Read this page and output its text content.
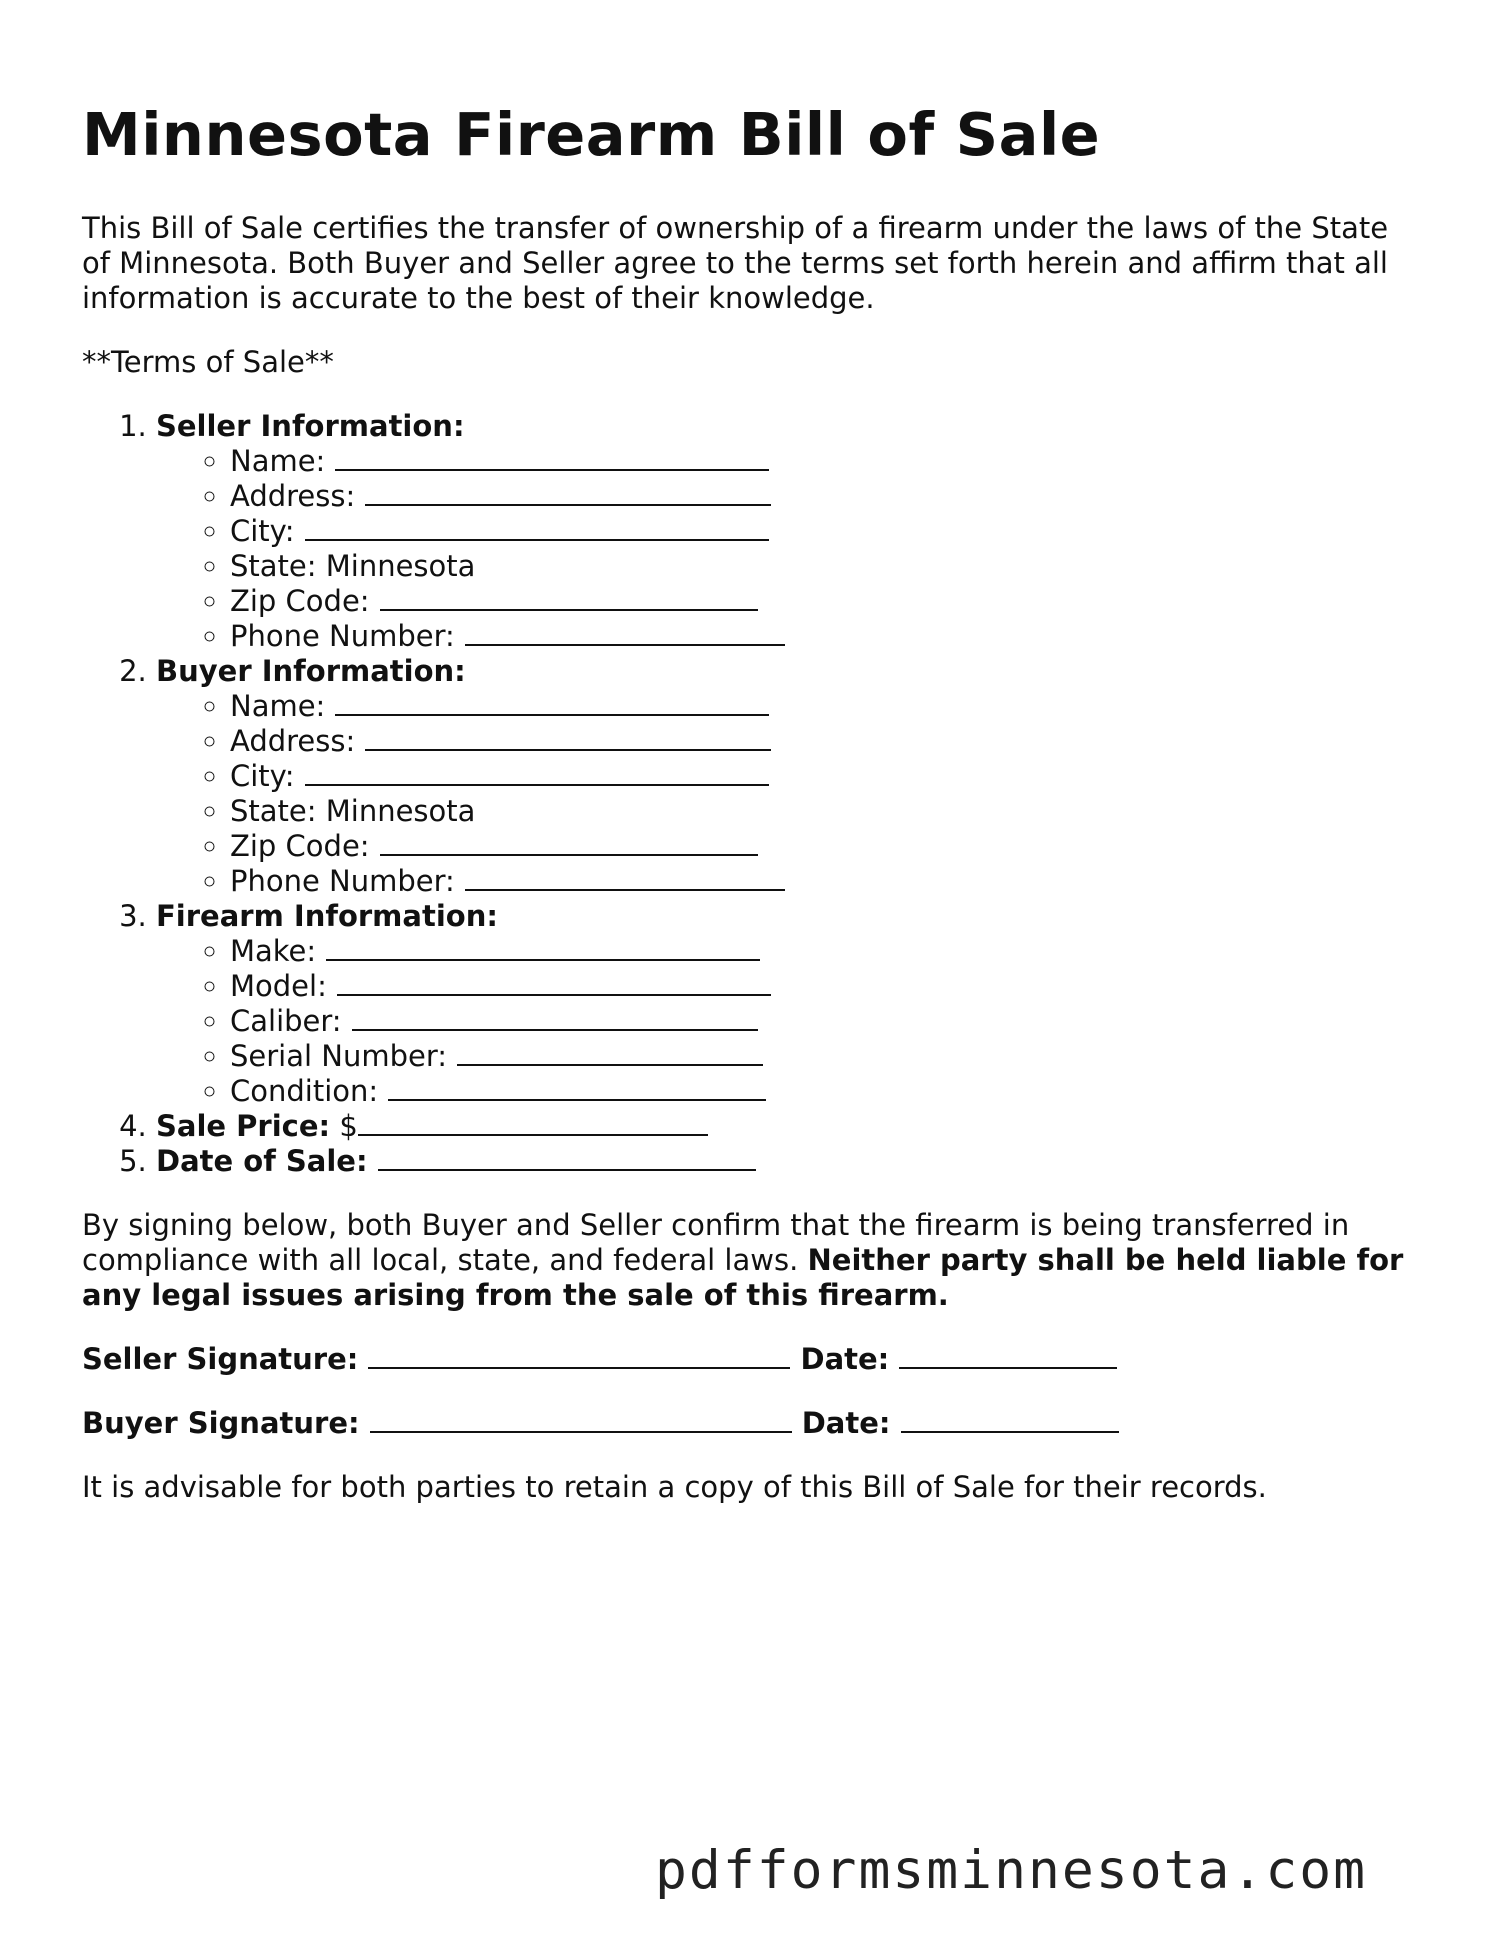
Minnesota Firearm Bill of Sale

This Bill of Sale certifies the transfer of ownership of a firearm under the laws of the State of Minnesota. Both Buyer and Seller agree to the terms set forth herein and affirm that all information is accurate to the best of their knowledge.

**Terms of Sale**

1. Seller Information:
◦ Name:
◦ Address:
◦ City:
◦ State: Minnesota
◦ Zip Code:
◦ Phone Number:
2. Buyer Information:
◦ Name:
◦ Address:
◦ City:
◦ State: Minnesota
◦ Zip Code:
◦ Phone Number:
3. Firearm Information:
◦ Make:
◦ Model:
◦ Caliber:
◦ Serial Number:
◦ Condition:
4. Sale Price: $
5. Date of Sale:

By signing below, both Buyer and Seller confirm that the firearm is being transferred in compliance with all local, state, and federal laws. Neither party shall be held liable for any legal issues arising from the sale of this firearm.

Seller Signature:	Date:

Buyer Signature:	Date:

It is advisable for both parties to retain a copy of this Bill of Sale for their records.

pdfformsminnesota.com
